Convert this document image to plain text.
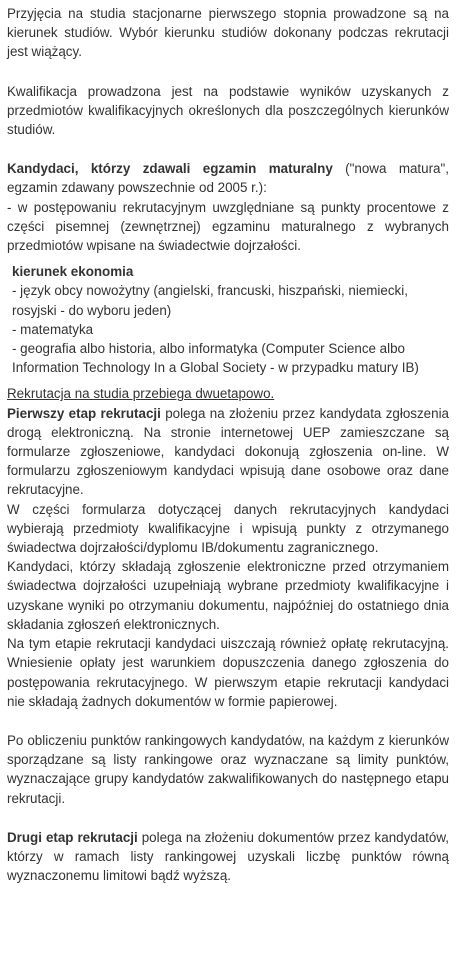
Przyjęcia na studia stacjonarne pierwszego stopnia prowadzone są na kierunek studiów. Wybór kierunku studiów dokonany podczas rekrutacji jest wiążący.

Kwalifikacja prowadzona jest na podstawie wyników uzyskanych z przedmiotów kwalifikacyjnych określonych dla poszczególnych kierunków studiów.

Kandydaci, którzy zdawali egzamin maturalny ("nowa matura", egzamin zdawany powszechnie od 2005 r.):

- w postępowaniu rekrutacyjnym uwzględniane są punkty procentowe z części pisemnej (zewnętrznej) egzaminu maturalnego z wybranych przedmiotów wpisane na świadectwie dojrzałości.

kierunek ekonomia

- język obcy nowożytny (angielski, francuski, hiszpański, niemiecki, rosyjski - do wyboru jeden)

- matematyka

- geografia albo historia, albo informatyka (Computer Science albo Information Technology In a Global Society - w przypadku matury IB)

Rekrutacja na studia przebiega dwuetapowo.

Pierwszy etap rekrutacji polega na złożeniu przez kandydata zgłoszenia drogą elektroniczną. Na stronie internetowej UEP zamieszczane są formularze zgłoszeniowe, kandydaci dokonują zgłoszenia on-line. W formularzu zgłoszeniowym kandydaci wpisują dane osobowe oraz dane rekrutacyjne.

W części formularza dotyczącej danych rekrutacyjnych kandydaci wybierają przedmioty kwalifikacyjne i wpisują punkty z otrzymanego świadectwa dojrzałości/dyplomu IB/dokumentu zagranicznego.

Kandydaci, którzy składają zgłoszenie elektroniczne przed otrzymaniem świadectwa dojrzałości uzupełniają wybrane przedmioty kwalifikacyjne i uzyskane wyniki po otrzymaniu dokumentu, najpóźniej do ostatniego dnia składania zgłoszeń elektronicznych.

Na tym etapie rekrutacji kandydaci uiszczają również opłatę rekrutacyjną. Wniesienie opłaty jest warunkiem dopuszczenia danego zgłoszenia do postępowania rekrutacyjnego. W pierwszym etapie rekrutacji kandydaci nie składają żadnych dokumentów w formie papierowej.

Po obliczeniu punktów rankingowych kandydatów, na każdym z kierunków sporządzane są listy rankingowe oraz wyznaczane są limity punktów, wyznaczające grupy kandydatów zakwalifikowanych do następnego etapu rekrutacji.

Drugi etap rekrutacji polega na złożeniu dokumentów przez kandydatów, którzy w ramach listy rankingowej uzyskali liczbę punktów równą wyznaczonemu limitowi bądź wyższą.
